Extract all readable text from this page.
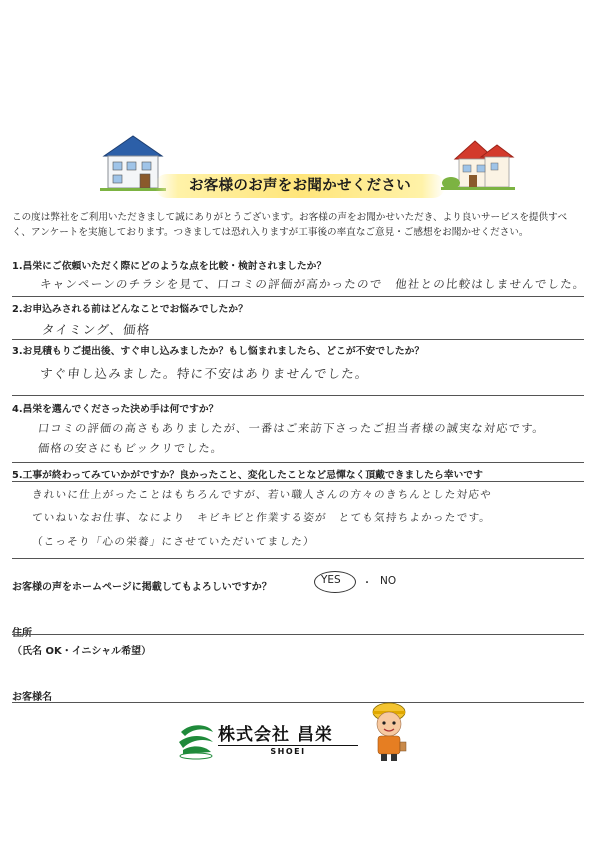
お客様のお声をお聞かせください
この度は弊社をご利用いただきまして誠にありがとうございます。お客様の声をお聞かせいただき、より良いサービスを提供すべく、アンケートを実施しております。つきましては恐れ入りますが工事後の率直なご意見・ご感想をお聞かせください。
1.昌栄にご依頼いただく際にどのような点を比較・検討されましたか？
キャンペーンのチラシを見て、口コミの評価が高かったので　他社との比較はしませんでした。
2.お申込みされる前はどんなことでお悩みでしたか？
タイミング、価格
3.お見積もりご提出後、すぐ申し込みましたか？もし悩まれましたら、どこが不安でしたか？
すぐ申し込みました。特に不安はありませんでした。
4.昌栄を選んでくださった決め手は何ですか？
口コミの評価の高さもありましたが、一番はご来訪下さったご担当者様の誠実な対応です。
価格の安さにもビックリでした。
5.工事が終わってみていかがですか？良かったこと、変化したことなど忌憚なく頂戴できましたら幸いです
きれいに仕上がったことはもちろんですが、若い職人さんの方々のきちんとした対応や
ていねいなお仕事、なにより　キビキビと作業する姿が　とても気持ちよかったです。
（こっそり「心の栄養」にさせていただいてました）
お客様の声をホームページに掲載してもよろしいですか？
YES ・ NO
住所
（氏名 OK・イニシャル希望）
お客様名
株式会社 昌栄
SHOEI
